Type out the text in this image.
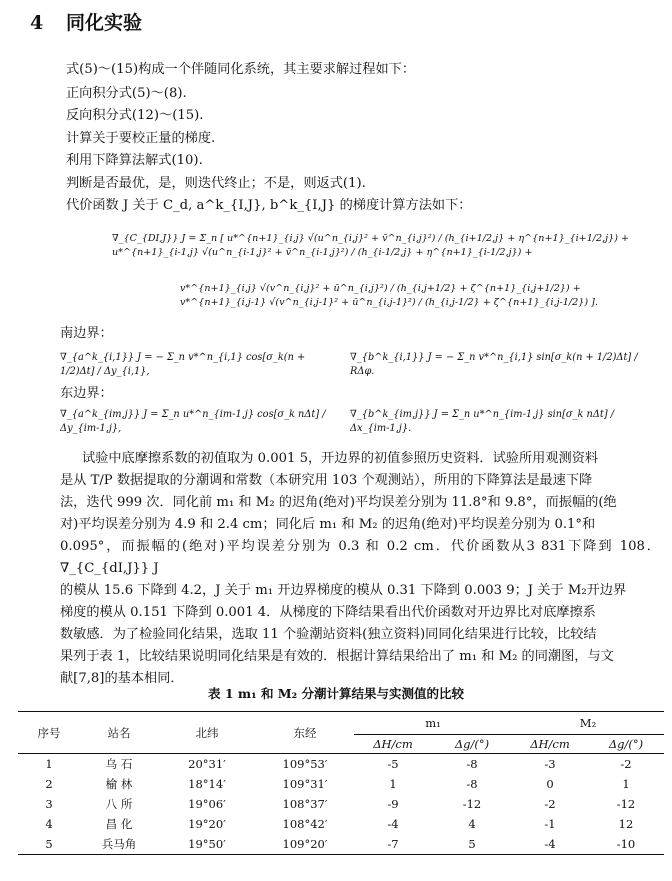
4 同化实验
式(5)～(15)构成一个伴随同化系统，其主要求解过程如下：
正向积分式(5)～(8).
反向积分式(12)～(15).
计算关于要校正量的梯度.
利用下降算法解式(10).
判断是否最优，是，则迭代终止；不是，则返式(1).
代价函数 J 关于 C_d, a^k_{I,J}, b^k_{I,J} 的梯度计算方法如下：
∇_{C_{DI,J}} J = Σ_n [ u*^{n+1}_{i,j} √(u^n_{i,j}² + v̄^n_{i,j}²) / (h_{i+1/2,j} + η^{n+1}_{i+1/2,j}) + u*^{n+1}_{i-1,j} √(u^n_{i-1,j}² + v̄^n_{i-1,j}²) / (h_{i-1/2,j} + η^{n+1}_{i-1/2,j}) +
v*^{n+1}_{i,j} √(v^n_{i,j}² + ū^n_{i,j}²) / (h_{i,j+1/2} + ζ^{n+1}_{i,j+1/2}) + v*^{n+1}_{i,j-1} √(v^n_{i,j-1}² + ū^n_{i,j-1}²) / (h_{i,j-1/2} + ζ^{n+1}_{i,j-1/2}) ].
南边界：
∇_{a^k_{i,1}} J = − Σ_n v*^n_{i,1} cos[σ_k(n + 1/2)Δt] / Δy_{i,1},
∇_{b^k_{i,1}} J = − Σ_n v*^n_{i,1} sin[σ_k(n + 1/2)Δt] / RΔφ.
东边界：
∇_{a^k_{im,j}} J = Σ_n u*^n_{im-1,j} cos[σ_k nΔt] / Δy_{im-1,j},
∇_{b^k_{im,j}} J = Σ_n u*^n_{im-1,j} sin[σ_k nΔt] / Δx_{im-1,j}.
试验中底摩擦系数的初值取为 0.001 5，开边界的初值参照历史资料．试验所用观测资料
是从 T/P 数据提取的分潮调和常数（本研究用 103 个观测站），所用的下降算法是最速下降
法，迭代 999 次．同化前 m₁ 和 M₂ 的迟角(绝对)平均误差分别为 11.8°和 9.8°，而振幅的(绝
对)平均误差分别为 4.9 和 2.4 cm；同化后 m₁ 和 M₂ 的迟角(绝对)平均误差分别为 0.1°和
0.095°，而振幅的(绝对)平均误差分别为 0.3 和 0.2 cm．代价函数从3 831下降到 108．∇_{C_{dI,J}} J
的模从 15.6 下降到 4.2，J 关于 m₁ 开边界梯度的模从 0.31 下降到 0.003 9；J 关于 M₂开边界
梯度的模从 0.151 下降到 0.001 4．从梯度的下降结果看出代价函数对开边界比对底摩擦系
数敏感．为了检验同化结果，选取 11 个验潮站资料(独立资料)同同化结果进行比较，比较结
果列于表 1，比较结果说明同化结果是有效的．根据计算结果给出了 m₁ 和 M₂ 的同潮图，与文
献[7,8]的基本相同．
表 1 m₁ 和 M₂ 分潮计算结果与实测值的比较
序号	站名	北纬	东经	m₁		M₂	
				ΔH/cm	Δg/(°)	ΔH/cm	Δg/(°)
1	乌 石	20°31′	109°53′	-5	-8	-3	-2
2	榆 林	18°14′	109°31′	1	-8	0	1
3	八 所	19°06′	108°37′	-9	-12	-2	-12
4	昌 化	19°20′	108°42′	-4	4	-1	12
5	兵马角	19°50′	109°20′	-7	5	-4	-10
